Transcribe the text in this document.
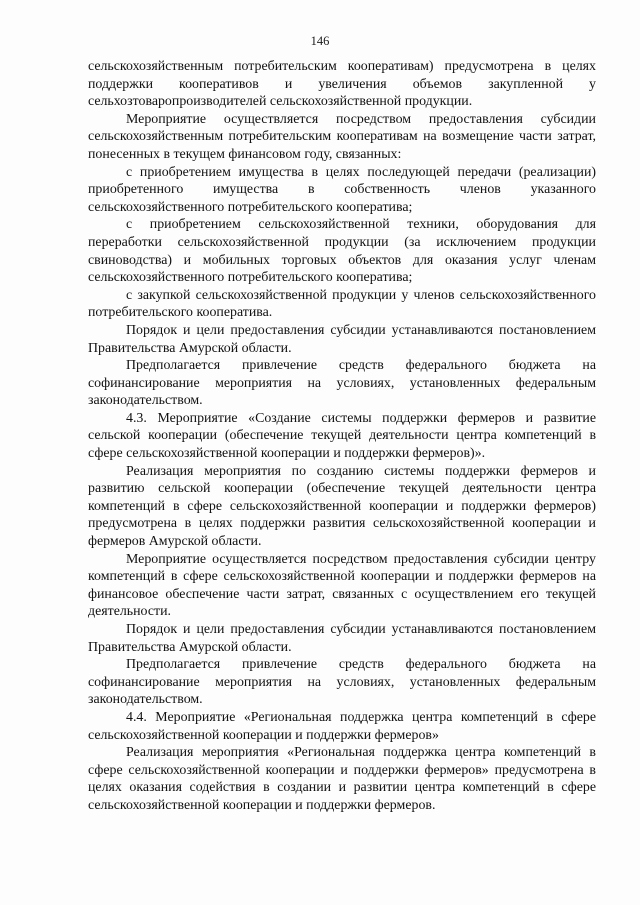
146

сельскохозяйственным потребительским кооперативам) предусмотрена в целях поддержки кооперативов и увеличения объемов закупленной у сельхозтоваропроизводителей сельскохозяйственной продукции.

Мероприятие осуществляется посредством предоставления субсидии сельскохозяйственным потребительским кооперативам на возмещение части затрат, понесенных в текущем финансовом году, связанных:

с приобретением имущества в целях последующей передачи (реализации) приобретенного имущества в собственность членов указанного сельскохозяйственного потребительского кооператива;

с приобретением сельскохозяйственной техники, оборудования для переработки сельскохозяйственной продукции (за исключением продукции свиноводства) и мобильных торговых объектов для оказания услуг членам сельскохозяйственного потребительского кооператива;

с закупкой сельскохозяйственной продукции у членов сельскохозяйственного потребительского кооператива.

Порядок и цели предоставления субсидии устанавливаются постановлением Правительства Амурской области.

Предполагается привлечение средств федерального бюджета на софинансирование мероприятия на условиях, установленных федеральным законодательством.

4.3. Мероприятие «Создание системы поддержки фермеров и развитие сельской кооперации (обеспечение текущей деятельности центра компетенций в сфере сельскохозяйственной кооперации и поддержки фермеров)».

Реализация мероприятия по созданию системы поддержки фермеров и развитию сельской кооперации (обеспечение текущей деятельности центра компетенций в сфере сельскохозяйственной кооперации и поддержки фермеров) предусмотрена в целях поддержки развития сельскохозяйственной кооперации и фермеров Амурской области.

Мероприятие осуществляется посредством предоставления субсидии центру компетенций в сфере сельскохозяйственной кооперации и поддержки фермеров на финансовое обеспечение части затрат, связанных с осуществлением его текущей деятельности.

Порядок и цели предоставления субсидии устанавливаются постановлением Правительства Амурской области.

Предполагается привлечение средств федерального бюджета на софинансирование мероприятия на условиях, установленных федеральным законодательством.

4.4. Мероприятие «Региональная поддержка центра компетенций в сфере сельскохозяйственной кооперации и поддержки фермеров»

Реализация мероприятия «Региональная поддержка центра компетенций в сфере сельскохозяйственной кооперации и поддержки фермеров» предусмотрена в целях оказания содействия в создании и развитии центра компетенций в сфере сельскохозяйственной кооперации и поддержки фермеров.
